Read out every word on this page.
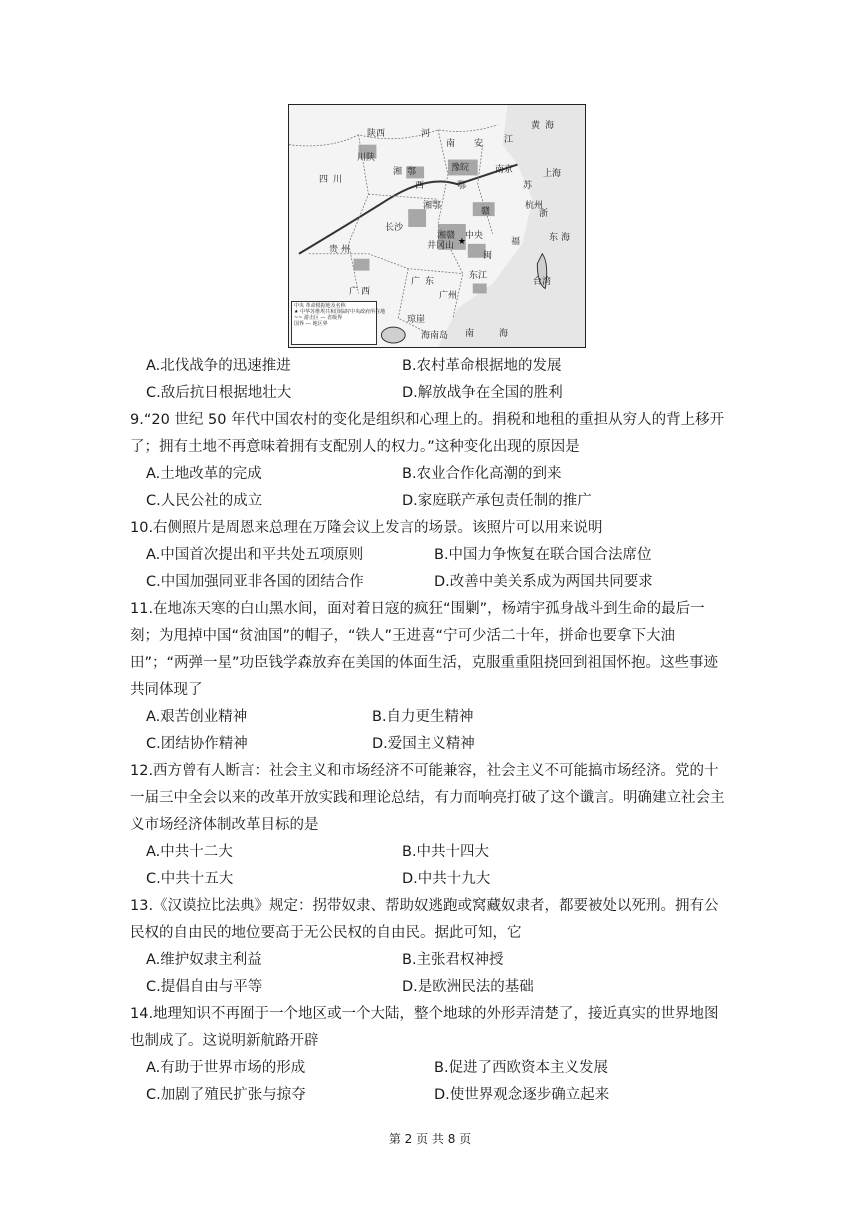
★
陕西	河
南 安 江
黄 海
四 川
川陕
湘 鄂	豫皖
西	鄂
南京	上海
苏
长沙
湘鄂
赣
中央
闽
杭州
浙
东 海
贵 州
广 西
湘赣
井冈山
广 东
东江
福
台湾
广州
琼崖
南	海
海南岛
中央 革命根据地及名称
★ 中华苏维埃共和国临时中央政府所在地
~~ 游击区 — 省级界
国界 --- 地区界
A.北伐战争的迅速推进	B.农村革命根据地的发展
C.敌后抗日根据地壮大	D.解放战争在全国的胜利
9.“20 世纪 50 年代中国农村的变化是组织和心理上的。捐税和地租的重担从穷人的背上移开了；拥有土地不再意味着拥有支配别人的权力。”这种变化出现的原因是
A.土地改革的完成	B.农业合作化高潮的到来
C.人民公社的成立	D.家庭联产承包责任制的推广
10.右侧照片是周恩来总理在万隆会议上发言的场景。该照片可以用来说明
A.中国首次提出和平共处五项原则	B.中国力争恢复在联合国合法席位
C.中国加强同亚非各国的团结合作	D.改善中美关系成为两国共同要求
11.在地冻天寒的白山黑水间，面对着日寇的疯狂“围剿”，杨靖宇孤身战斗到生命的最后一刻；为甩掉中国“贫油国”的帽子，“铁人”王进喜“宁可少活二十年，拼命也要拿下大油田”；“两弹一星”功臣钱学森放弃在美国的体面生活，克服重重阻挠回到祖国怀抱。这些事迹共同体现了
A.艰苦创业精神	B.自力更生精神
C.团结协作精神	D.爱国主义精神
12.西方曾有人断言：社会主义和市场经济不可能兼容，社会主义不可能搞市场经济。党的十一届三中全会以来的改革开放实践和理论总结，有力而响亮打破了这个谶言。明确建立社会主义市场经济体制改革目标的是
A.中共十二大	B.中共十四大
C.中共十五大	D.中共十九大
13.《汉谟拉比法典》规定：拐带奴隶、帮助奴逃跑或窝藏奴隶者，都要被处以死刑。拥有公民权的自由民的地位要高于无公民权的自由民。据此可知，它
A.维护奴隶主利益	B.主张君权神授
C.提倡自由与平等	D.是欧洲民法的基础
14.地理知识不再囿于一个地区或一个大陆，整个地球的外形弄清楚了，接近真实的世界地图也制成了。这说明新航路开辟
A.有助于世界市场的形成	B.促进了西欧资本主义发展
C.加剧了殖民扩张与掠夺	D.使世界观念逐步确立起来
第 2 页 共 8 页
